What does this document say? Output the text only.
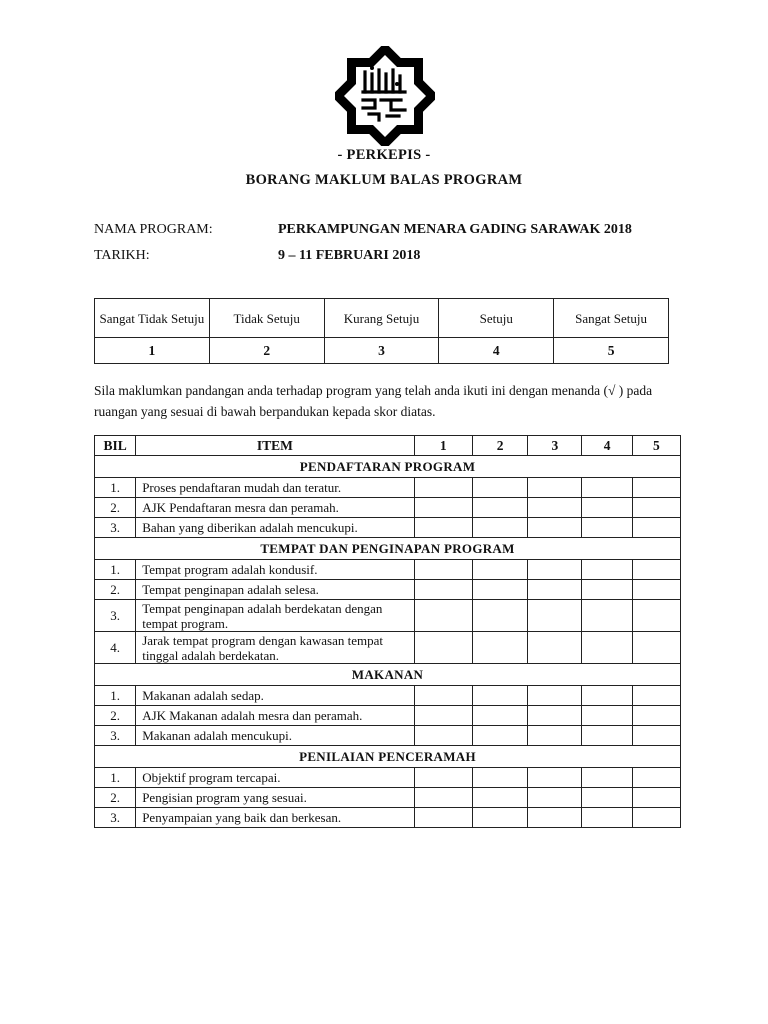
- PERKEPIS -
BORANG MAKLUM BALAS PROGRAM
NAMA PROGRAM:	PERKAMPUNGAN MENARA GADING SARAWAK 2018
TARIKH:	9 – 11 FEBRUARI 2018
Sangat Tidak Setuju	Tidak Setuju	Kurang Setuju	Setuju	Sangat Setuju
1	2	3	4	5
Sila maklumkan pandangan anda terhadap program yang telah anda ikuti ini dengan menanda (√ ) pada ruangan yang sesuai di bawah berpandukan kepada skor diatas.
BIL	ITEM	1	2	3	4	5
PENDAFTARAN PROGRAM						
1.	Proses pendaftaran mudah dan teratur.					
2.	AJK Pendaftaran mesra dan peramah.					
3.	Bahan yang diberikan adalah mencukupi.					
TEMPAT DAN PENGINAPAN PROGRAM						
1.	Tempat program adalah kondusif.					
2.	Tempat penginapan adalah selesa.					
3.	Tempat penginapan adalah berdekatan dengan tempat program.					
4.	Jarak tempat program dengan kawasan tempat tinggal adalah berdekatan.					
MAKANAN						
1.	Makanan adalah sedap.					
2.	AJK Makanan adalah mesra dan peramah.					
3.	Makanan adalah mencukupi.					
PENILAIAN PENCERAMAH						
1.	Objektif program tercapai.					
2.	Pengisian program yang sesuai.					
3.	Penyampaian yang baik dan berkesan.					
